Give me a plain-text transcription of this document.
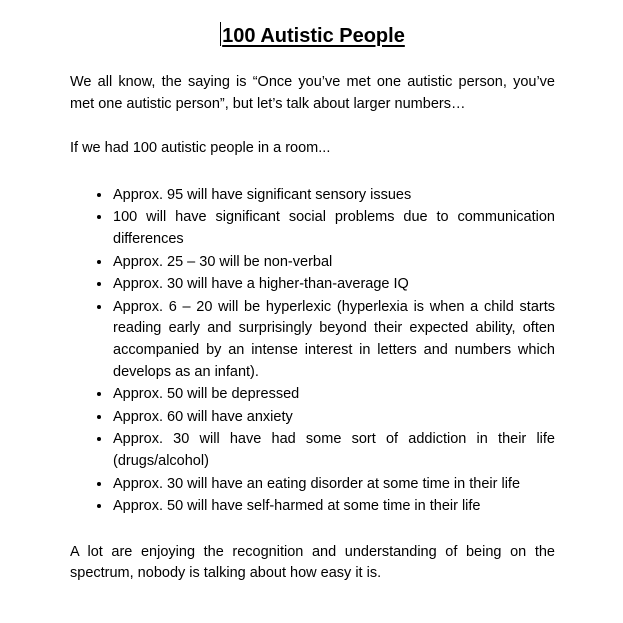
100 Autistic People

We all know, the saying is “Once you’ve met one autistic person, you’ve met one autistic person”, but let’s talk about larger numbers…

If we had 100 autistic people in a room...

• Approx. 95 will have significant sensory issues
• 100 will have significant social problems due to communication differences
• Approx. 25 – 30 will be non-verbal
• Approx. 30 will have a higher-than-average IQ
• Approx. 6 – 20 will be hyperlexic (hyperlexia is when a child starts reading early and surprisingly beyond their expected ability, often accompanied by an intense interest in letters and numbers which develops as an infant).
• Approx. 50 will be depressed
• Approx. 60 will have anxiety
• Approx. 30 will have had some sort of addiction in their life (drugs/alcohol)
• Approx. 30 will have an eating disorder at some time in their life
• Approx. 50 will have self-harmed at some time in their life

A lot are enjoying the recognition and understanding of being on the spectrum, nobody is talking about how easy it is.
